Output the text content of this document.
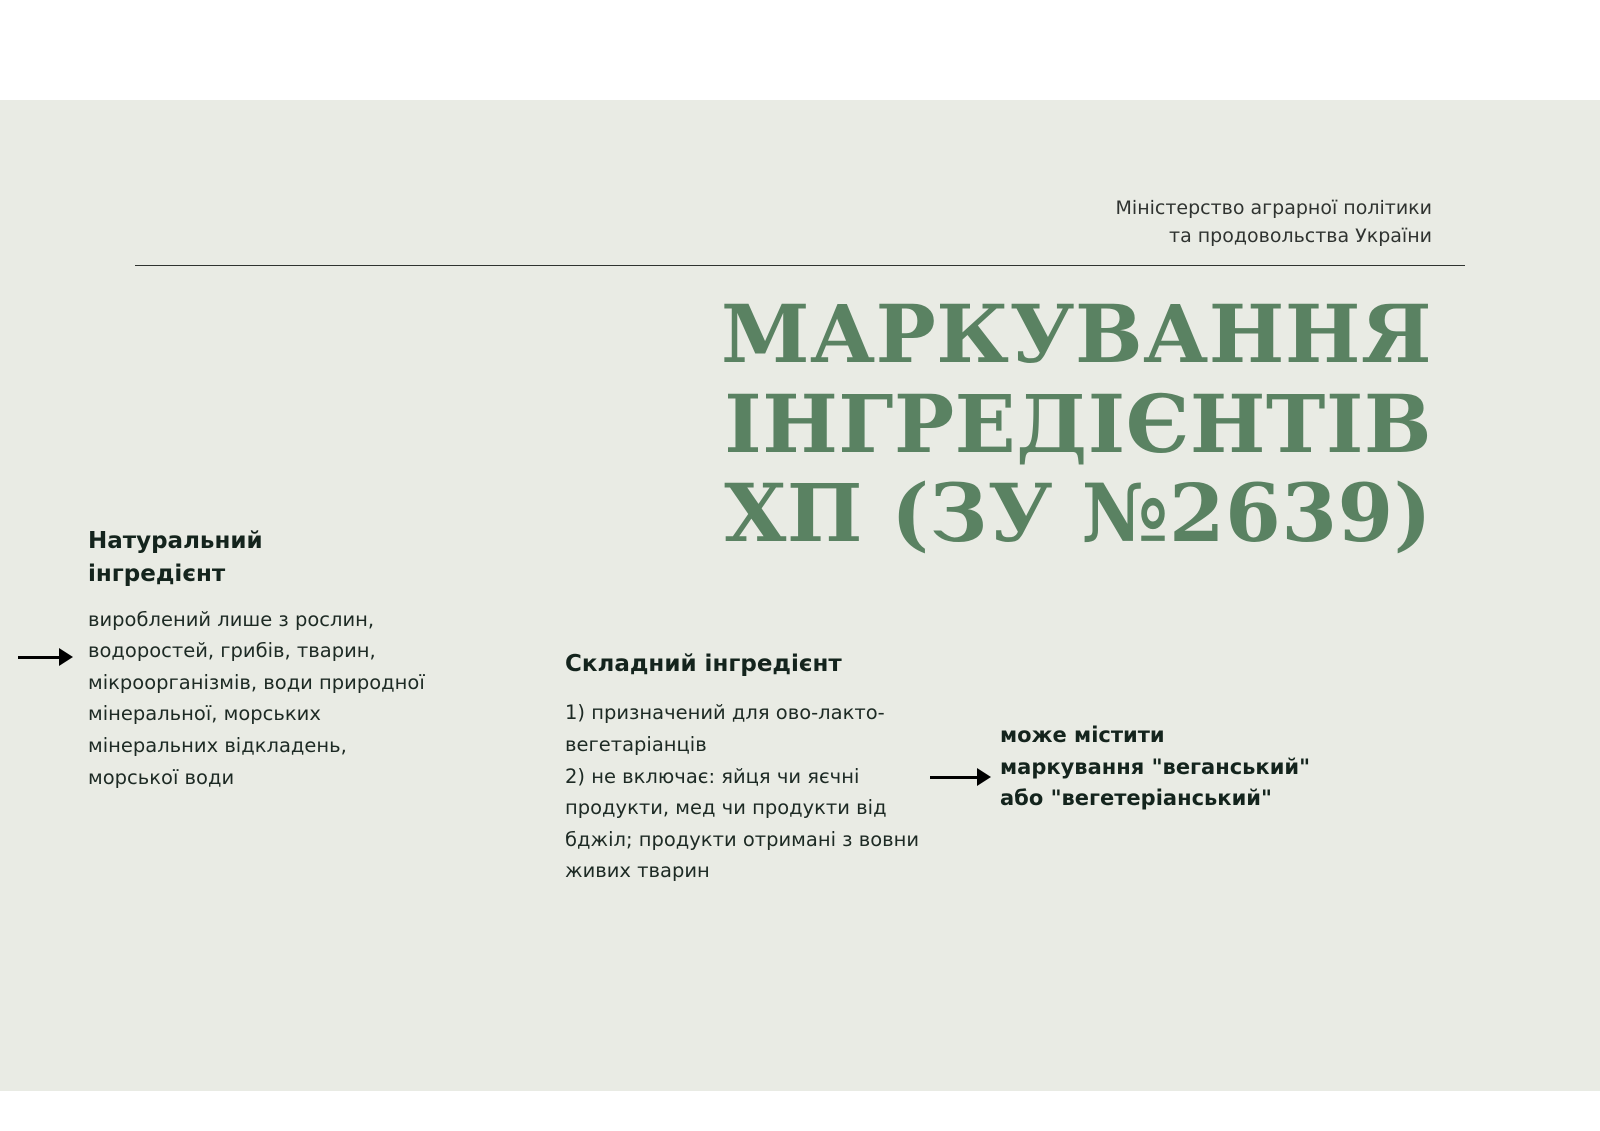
Міністерство аграрної політики
та продовольства України
МАРКУВАННЯ
ІНГРЕДІЄНТІВ
ХП (ЗУ №2639)
Натуральний
інгредієнт
вироблений лише з рослин, водоростей, грибів, тварин, мікроорганізмів, води природної мінеральної, морських мінеральних відкладень, морської води
Складний інгредієнт
1) призначений для ово-лакто-вегетаріанців
2) не включає: яйця чи яєчні продукти, мед чи продукти від бджіл; продукти отримані з вовни живих тварин
може містити
маркування "веганський"
або "вегетеріанський"
